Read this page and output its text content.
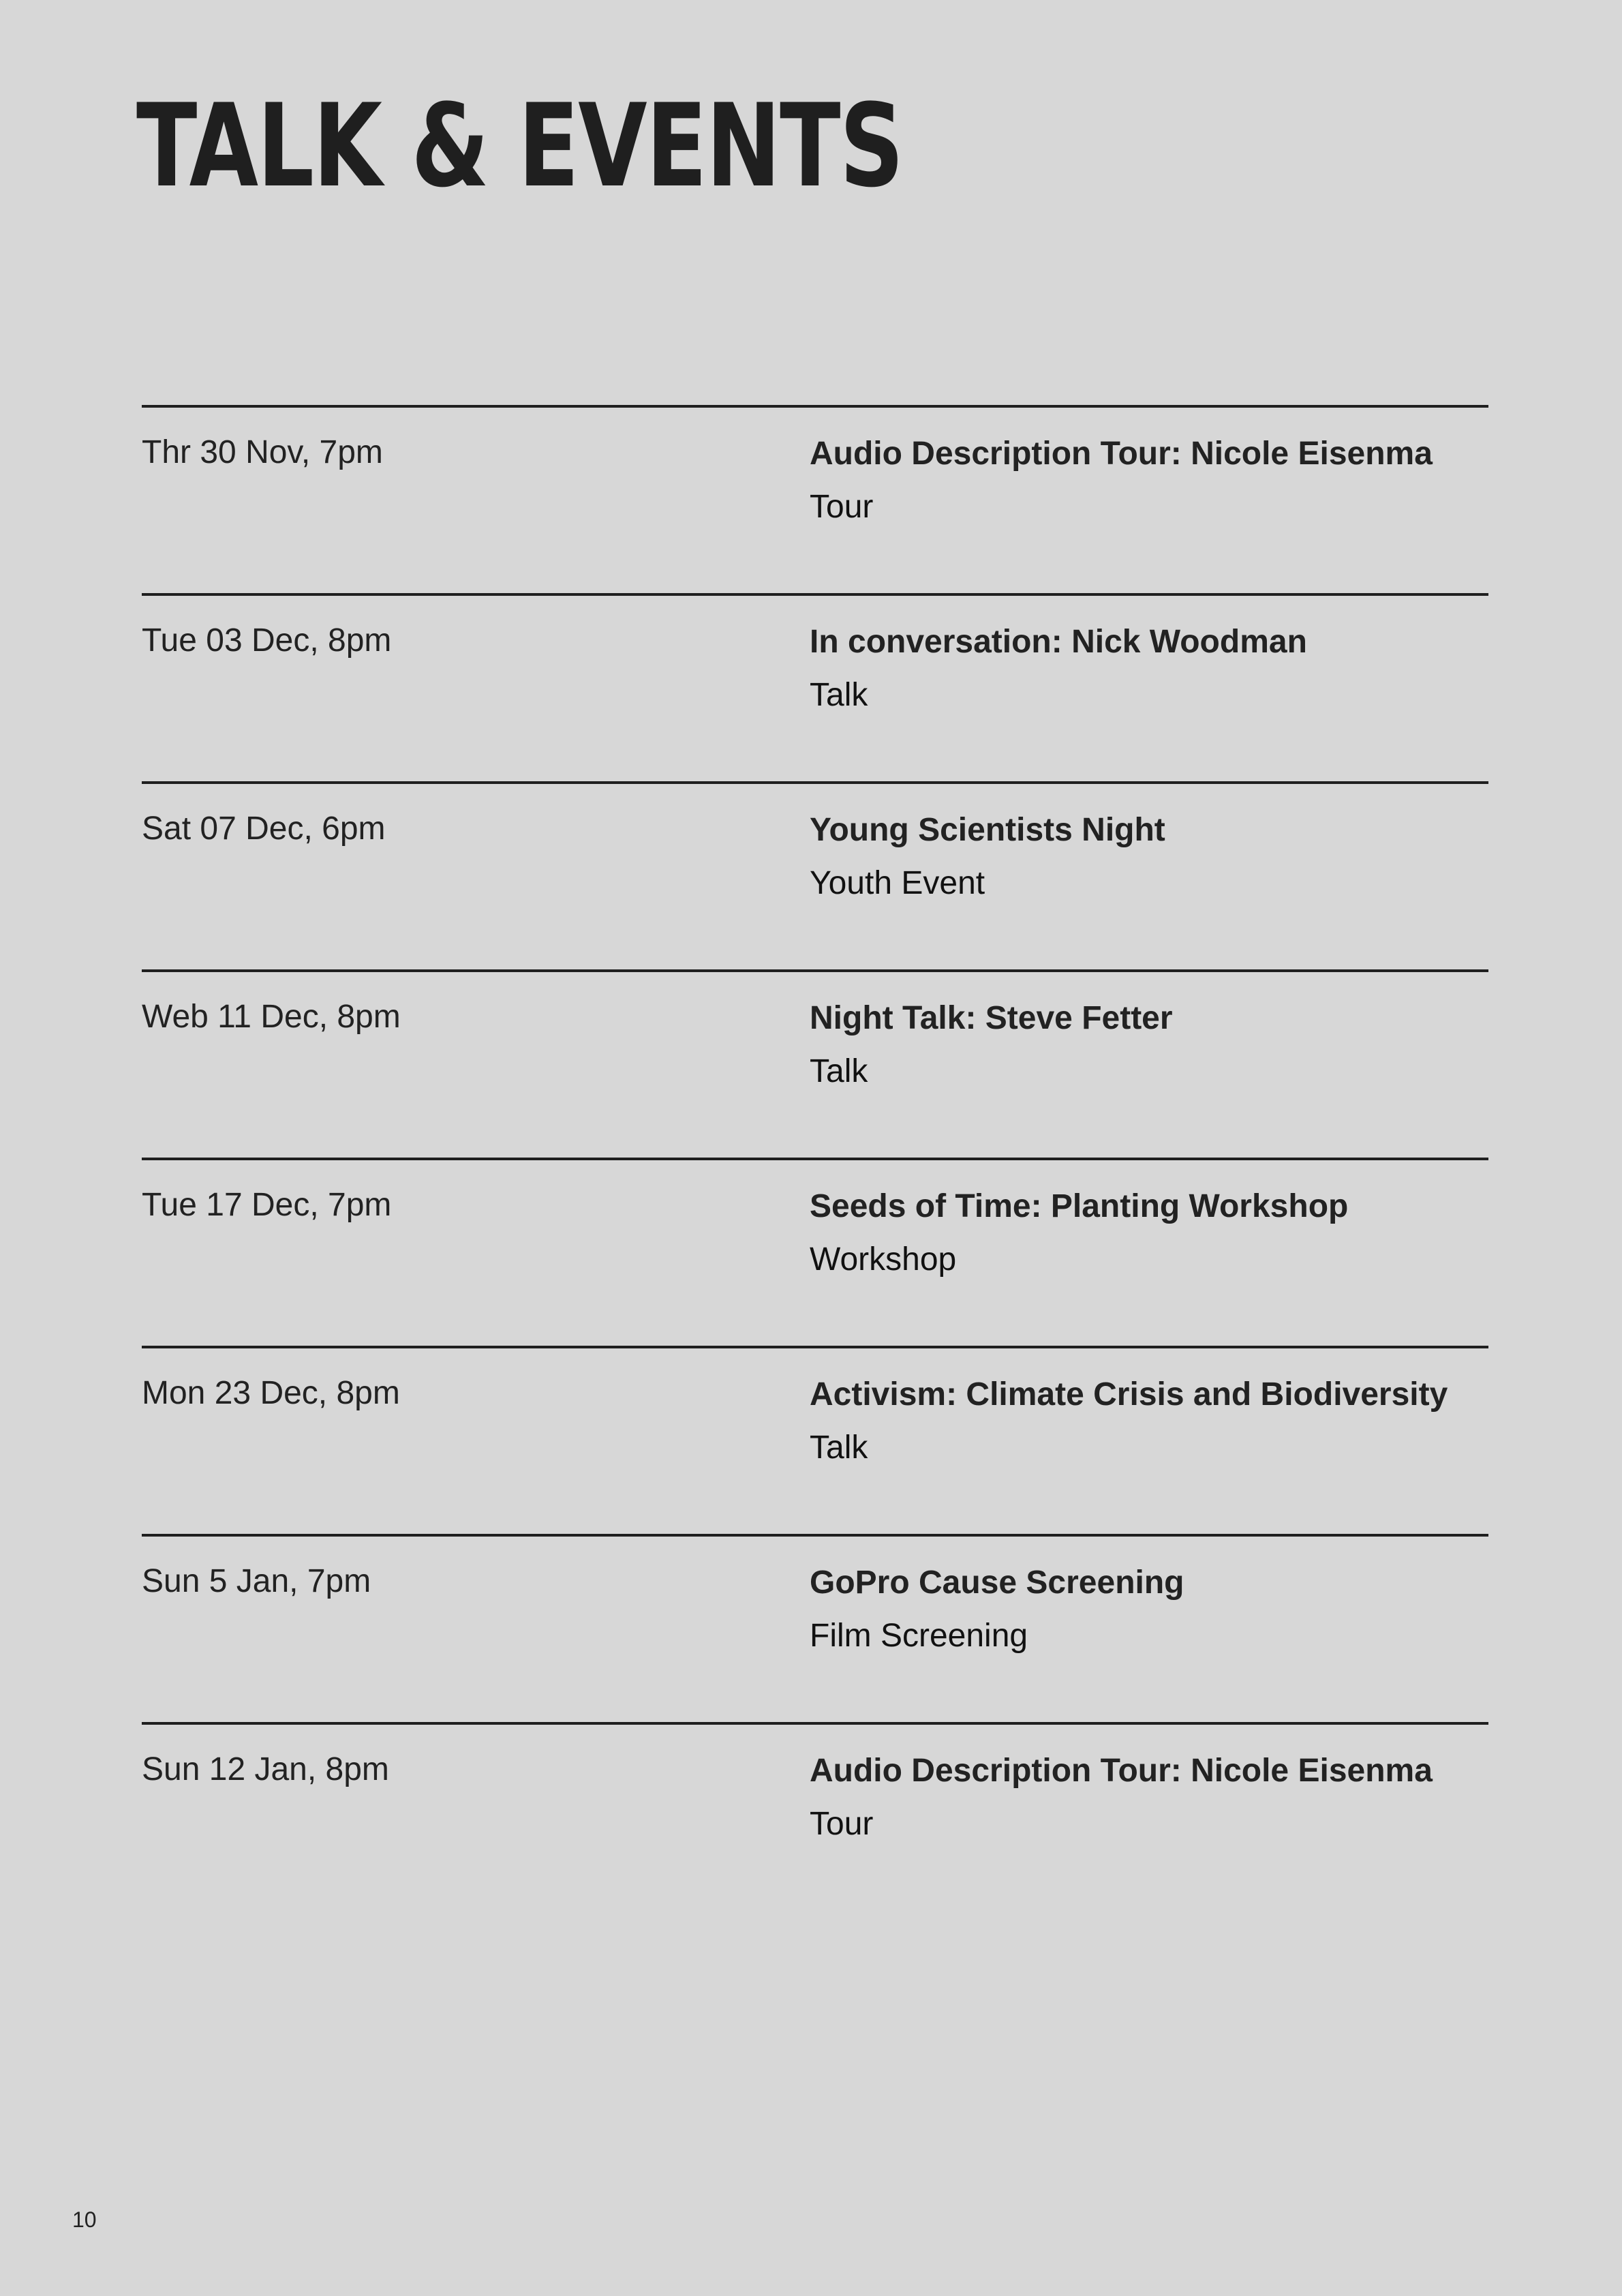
TALK & EVENTS
Thr 30 Nov, 7pm	Audio Description Tour: Nicole Eisenma
Tour
Tue 03 Dec, 8pm	In conversation: Nick Woodman
Talk
Sat 07 Dec, 6pm	Young Scientists Night
Youth Event
Web 11 Dec, 8pm	Night Talk: Steve Fetter
Talk
Tue 17 Dec, 7pm	Seeds of Time: Planting Workshop
Workshop
Mon 23 Dec, 8pm	Activism: Climate Crisis and Biodiversity
Talk
Sun 5 Jan, 7pm	GoPro Cause Screening
Film Screening
Sun 12 Jan, 8pm	Audio Description Tour: Nicole Eisenma
Tour
10
